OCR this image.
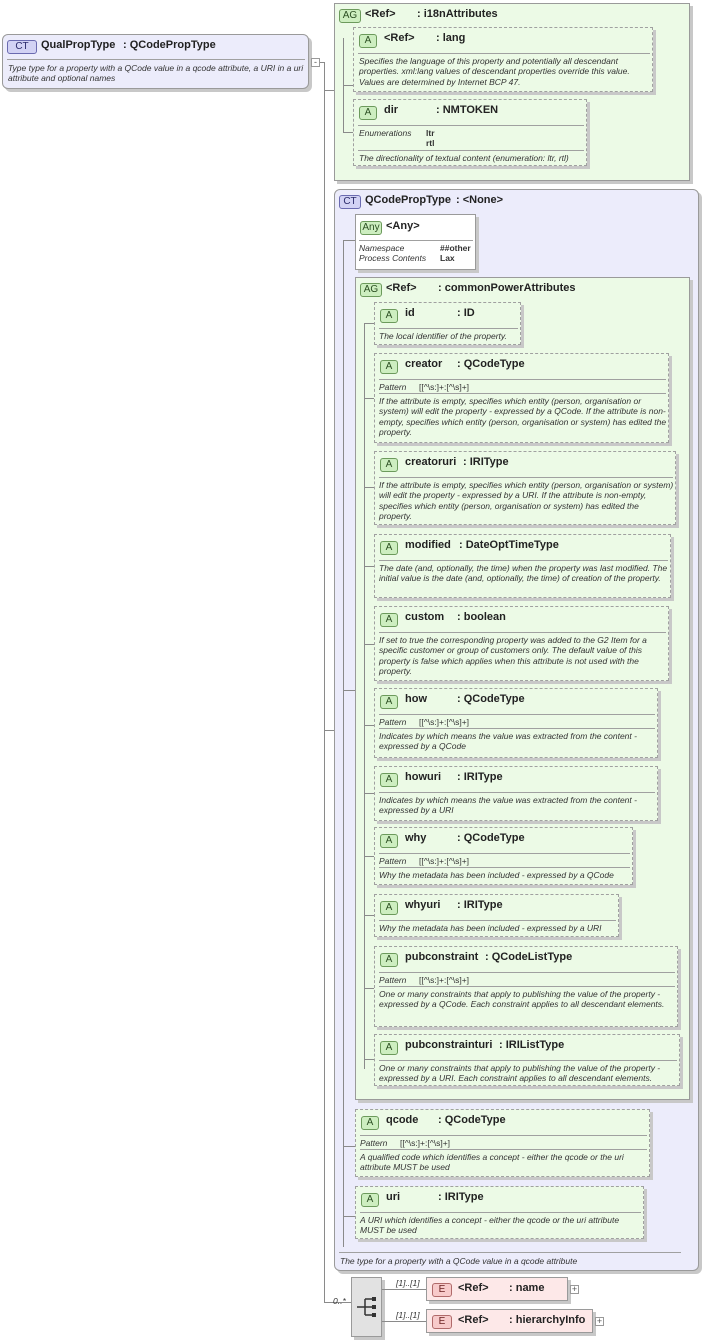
CT	QualPropType : QCodePropType
Type type for a property with a QCode value in a qcode attribute, a URI in a uri attribute and optional names
-
AG <Ref> : i18nAttributes
A	<Ref> : lang
Specifies the language of this property and potentially all descendant properties. xml:lang values of descendant properties override this value. Values are determined by Internet BCP 47.
A	dir	: NMTOKEN
Enumerations ltr
rtl
The directionality of textual content (enumeration: ltr, rtl)
CT QCodePropType : <None>
The type for a property with a QCode value in a qcode attribute
Any <Any>
Namespace	##other
Process Contents Lax
AG <Ref> : commonPowerAttributes
A	id	: ID
The local identifier of the property.
A	creator : QCodeType
Pattern [[^\s:]+:[^\s]+]
If the attribute is empty, specifies which entity (person, organisation or system) will edit the property - expressed by a QCode. If the attribute is non-empty, specifies which entity (person, organisation or system) has edited the property.
A	creatoruri : IRIType
If the attribute is empty, specifies which entity (person, organisation or system) will edit the property - expressed by a URI. If the attribute is non-empty, specifies which entity (person, organisation or system) has edited the property.
A	modified : DateOptTimeType
The date (and, optionally, the time) when the property was last modified. The initial value is the date (and, optionally, the time) of creation of the property.
A	custom : boolean
If set to true the corresponding property was added to the G2 Item for a specific customer or group of customers only. The default value of this property is false which applies when this attribute is not used with the property.
A	how	: QCodeType
Pattern [[^\s:]+:[^\s]+]
Indicates by which means the value was extracted from the content - expressed by a QCode
A	howuri : IRIType
Indicates by which means the value was extracted from the content - expressed by a URI
A	why	: QCodeType
Pattern [[^\s:]+:[^\s]+]
Why the metadata has been included - expressed by a QCode
A	whyuri : IRIType
Why the metadata has been included - expressed by a URI
A	pubconstraint : QCodeListType
Pattern [[^\s:]+:[^\s]+]
One or many constraints that apply to publishing the value of the property - expressed by a QCode. Each constraint applies to all descendant elements.
A	pubconstrainturi : IRIListType
One or many constraints that apply to publishing the value of the property - expressed by a URI. Each constraint applies to all descendant elements.
A	qcode : QCodeType
Pattern [[^\s:]+:[^\s]+]
A qualified code which identifies a concept - either the qcode or the uri attribute MUST be used
A	uri	: IRIType
A URI which identifies a concept - either the qcode or the uri attribute MUST be used
0..*
[1]..[1]
E	<Ref> : name	+
[1]..[1]
E	<Ref> : hierarchyInfo +
